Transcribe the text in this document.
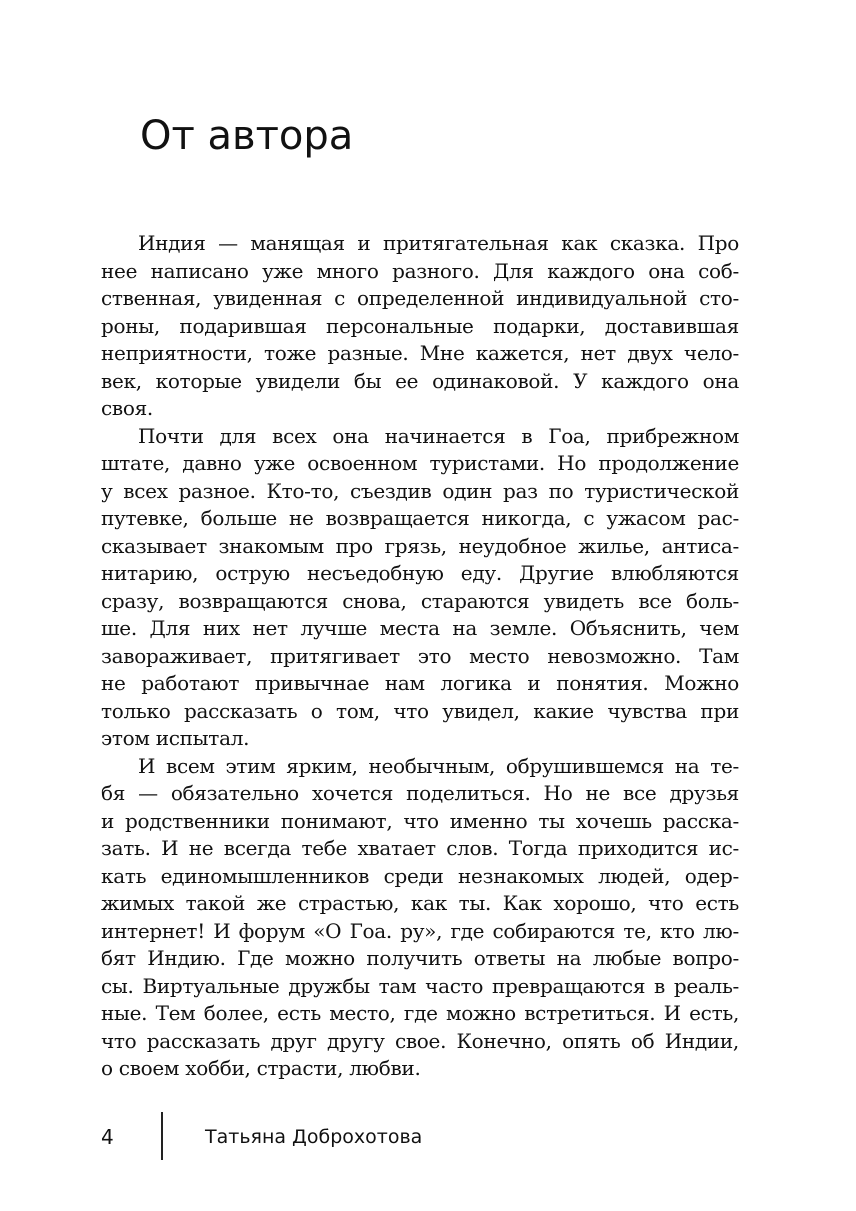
От автора
Индия — манящая и притягательная как сказка. Про
нее написано уже много разного. Для каждого она соб-
ственная, увиденная с определенной индивидуальной сто-
роны, подарившая персональные подарки, доставившая
неприятности, тоже разные. Мне кажется, нет двух чело-
век, которые увидели бы ее одинаковой. У каждого она
своя.
Почти для всех она начинается в Гоа, прибрежном
штате, давно уже освоенном туристами. Но продолжение
у всех разное. Кто-то, съездив один раз по туристической
путевке, больше не возвращается никогда, с ужасом рас-
сказывает знакомым про грязь, неудобное жилье, антиса-
нитарию, острую несъедобную еду. Другие влюбляются
сразу, возвращаются снова, стараются увидеть все боль-
ше. Для них нет лучше места на земле. Объяснить, чем
завораживает, притягивает это место невозможно. Там
не работают привычнае нам логика и понятия. Можно
только рассказать о том, что увидел, какие чувства при
этом испытал.
И всем этим ярким, необычным, обрушившемся на те-
бя — обязательно хочется поделиться. Но не все друзья
и родственники понимают, что именно ты хочешь расска-
зать. И не всегда тебе хватает слов. Тогда приходится ис-
кать единомышленников среди незнакомых людей, одер-
жимых такой же страстью, как ты. Как хорошо, что есть
интернет! И форум «О Гоа. ру», где собираются те, кто лю-
бят Индию. Где можно получить ответы на любые вопро-
сы. Виртуальные дружбы там часто превращаются в реаль-
ные. Тем более, есть место, где можно встретиться. И есть,
что рассказать друг другу свое. Конечно, опять об Индии,
о своем хобби, страсти, любви.
4	Татьяна Доброхотова
